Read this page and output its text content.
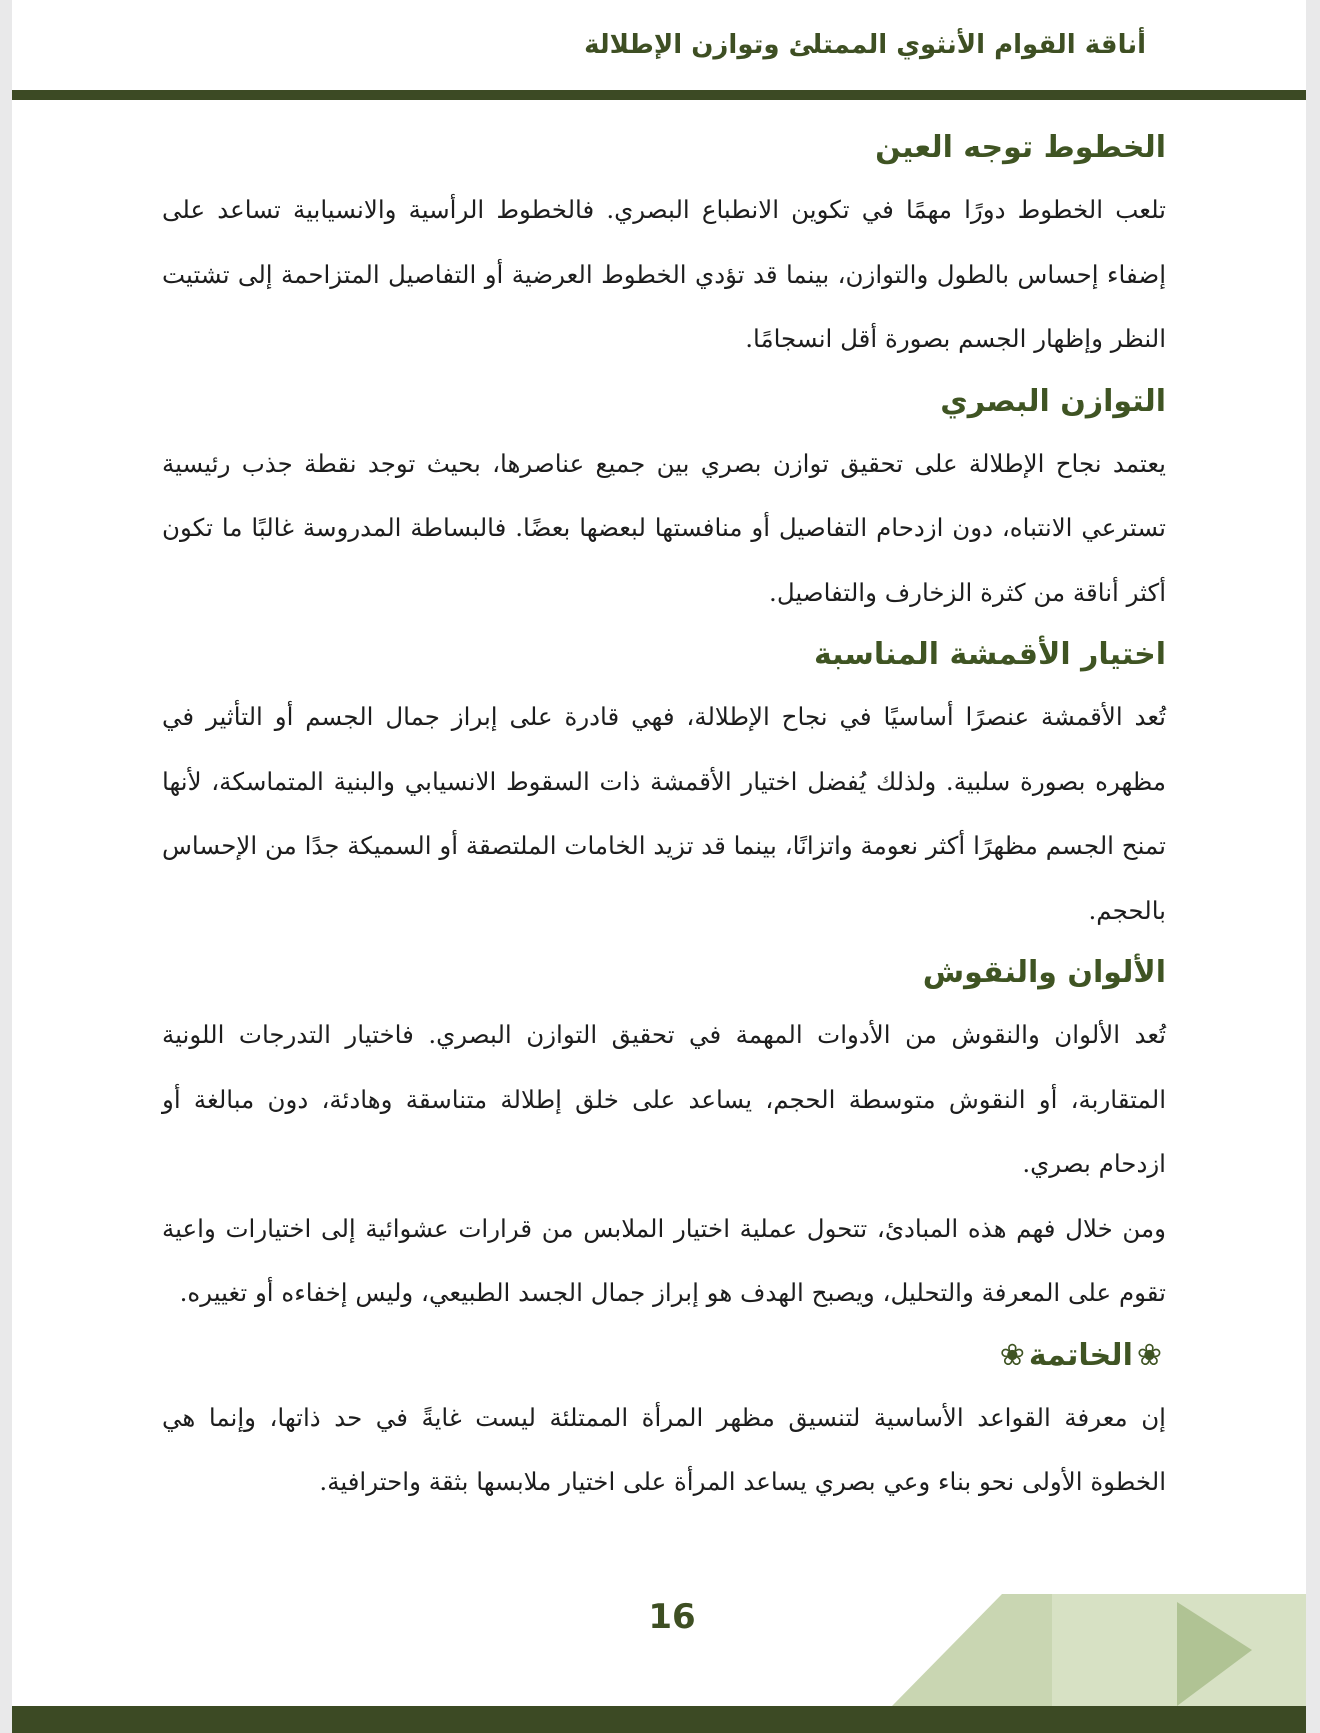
أناقة القوام الأنثوي الممتلئ وتوازن الإطلالة
الخطوط توجه العين

تلعب الخطوط دورًا مهمًا في تكوين الانطباع البصري. فالخطوط الرأسية والانسيابية تساعد على إضفاء إحساس بالطول والتوازن، بينما قد تؤدي الخطوط العرضية أو التفاصيل المتزاحمة إلى تشتيت النظر وإظهار الجسم بصورة أقل انسجامًا.

التوازن البصري

يعتمد نجاح الإطلالة على تحقيق توازن بصري بين جميع عناصرها، بحيث توجد نقطة جذب رئيسية تسترعي الانتباه، دون ازدحام التفاصيل أو منافستها لبعضها بعضًا. فالبساطة المدروسة غالبًا ما تكون أكثر أناقة من كثرة الزخارف والتفاصيل.

اختيار الأقمشة المناسبة

تُعد الأقمشة عنصرًا أساسيًا في نجاح الإطلالة، فهي قادرة على إبراز جمال الجسم أو التأثير في مظهره بصورة سلبية. ولذلك يُفضل اختيار الأقمشة ذات السقوط الانسيابي والبنية المتماسكة، لأنها تمنح الجسم مظهرًا أكثر نعومة واتزانًا، بينما قد تزيد الخامات الملتصقة أو السميكة جدًا من الإحساس بالحجم.

الألوان والنقوش

تُعد الألوان والنقوش من الأدوات المهمة في تحقيق التوازن البصري. فاختيار التدرجات اللونية المتقاربة، أو النقوش متوسطة الحجم، يساعد على خلق إطلالة متناسقة وهادئة، دون مبالغة أو ازدحام بصري.

ومن خلال فهم هذه المبادئ، تتحول عملية اختيار الملابس من قرارات عشوائية إلى اختيارات واعية تقوم على المعرفة والتحليل، ويصبح الهدف هو إبراز جمال الجسد الطبيعي، وليس إخفاءه أو تغييره.

❀الخاتمة❀

إن معرفة القواعد الأساسية لتنسيق مظهر المرأة الممتلئة ليست غايةً في حد ذاتها، وإنما هي الخطوة الأولى نحو بناء وعي بصري يساعد المرأة على اختيار ملابسها بثقة واحترافية.

16
